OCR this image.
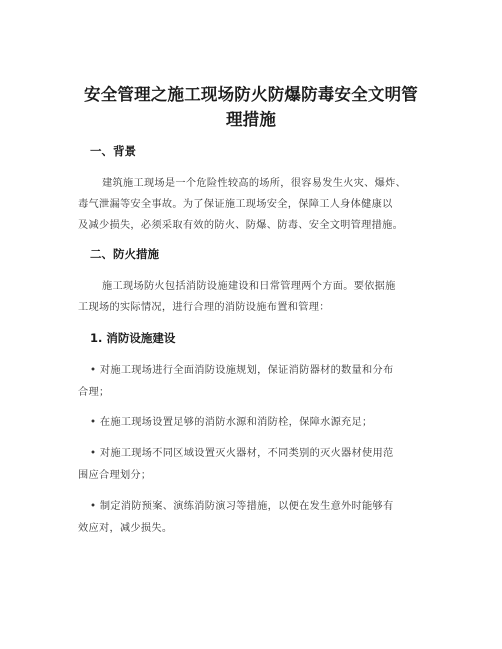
安全管理之施工现场防火防爆防毒安全文明管
理措施
一、背景
建筑施工现场是一个危险性较高的场所，很容易发生火灾、爆炸、
毒气泄漏等安全事故。为了保证施工现场安全，保障工人身体健康以
及减少损失，必须采取有效的防火、防爆、防毒、安全文明管理措施。
二、防火措施
施工现场防火包括消防设施建设和日常管理两个方面。要依据施
工现场的实际情况，进行合理的消防设施布置和管理：
1. 消防设施建设
• 对施工现场进行全面消防设施规划，保证消防器材的数量和分布
合理；
• 在施工现场设置足够的消防水源和消防栓，保障水源充足；
• 对施工现场不同区域设置灭火器材，不同类别的灭火器材使用范
围应合理划分；
• 制定消防预案、演练消防演习等措施，以便在发生意外时能够有
效应对，减少损失。
